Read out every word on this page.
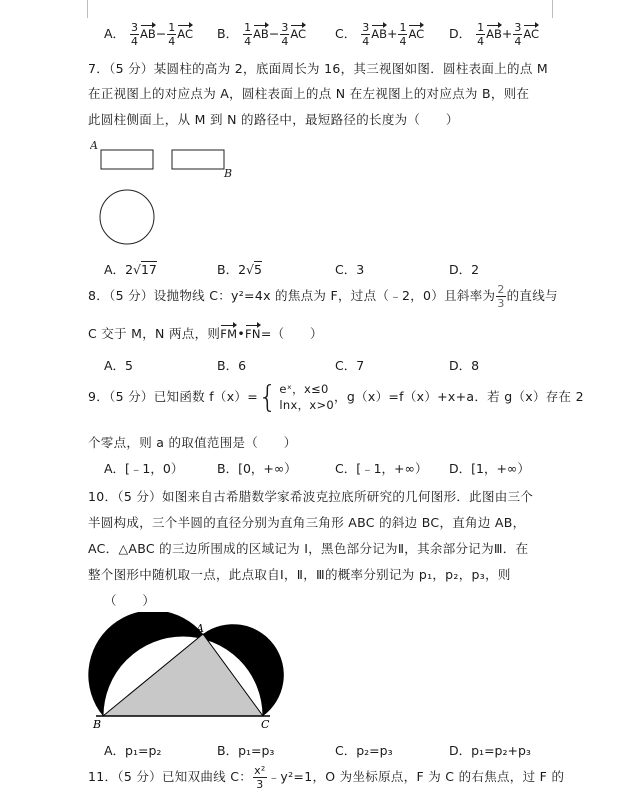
A． $\frac{3}{4} AB- \frac{1}{4}$ AC B． $\frac{1}{4} AB- \frac{3}{4}$ AC C． $\frac{3}{4} AB+ \frac{1}{4}$ AC D． $\frac{1}{4} AB+ \frac{3}{4}$ AC
7．（5 分）某圆柱的高为 2，底面周长为 16，其三视图如图．圆柱表面上的点 M
在正视图上的对应点为 A，圆柱表面上的点 N 在左视图上的对应点为 B，则在
此圆柱侧面上，从 M 到 N 的路径中，最短路径的长度为（　　）
A
B
A．2√17	B．2√5	C．3	D．2
8．（5 分）设抛物线 C：y²=4x 的焦点为 F，过点（﹣2，0）且斜率为 $\frac{2}{3}$ 的直线与
C 交于 M，N 两点，则FM•FN=（　　）
A．5	B．6	C．7	D．8
9．（5 分）已知函数 f（x）= { eˣ，x≤0
lnx，x>0
，g（x）=f（x）+x+a．若 g（x）存在 2
个零点，则 a 的取值范围是（　　）
A．[﹣1，0）	B．[0，+∞）	C．[﹣1，+∞） D．[1，+∞）
10．（5 分）如图来自古希腊数学家希波克拉底所研究的几何图形．此图由三个
半圆构成，三个半圆的直径分别为直角三角形 ABC 的斜边 BC，直角边 AB，
AC．△ABC 的三边所围成的区域记为 I，黑色部分记为Ⅱ，其余部分记为Ⅲ．在
整个图形中随机取一点，此点取自Ⅰ，Ⅱ，Ⅲ的概率分别记为 p₁，p₂，p₃，则
（　　）
A
B	C
A．p₁=p₂	B．p₁=p₃	C．p₂=p₃	D．p₁=p₂+p₃
11．（5 分）已知双曲线 C： $\frac{\text{x²}}{3}$ ﹣y²=1，O 为坐标原点，F 为 C 的右焦点，过 F 的
